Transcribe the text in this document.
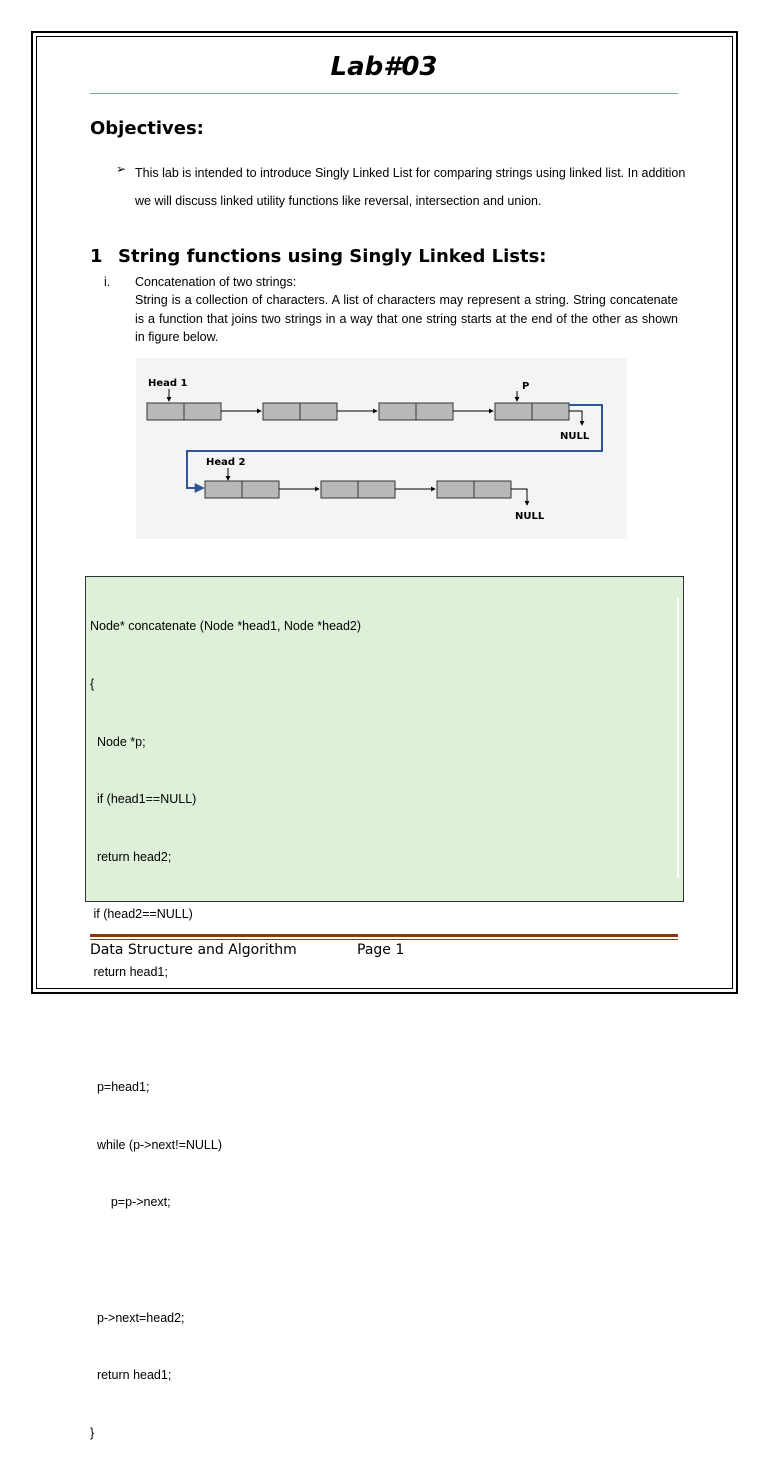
Lab#03
Objectives:
➢ This lab is intended to introduce Singly Linked List for comparing strings using linked list. In addition we will discuss linked utility functions like reversal, intersection and union.
1 String functions using Singly Linked Lists:
i. Concatenation of two strings:
String is a collection of characters. A list of characters may represent a string. String concatenate is a function that joins two strings in a way that one string starts at the end of the other as shown in figure below.
Head 1	P
Head 2
NULL
NULL

Node* concatenate (Node *head1, Node *head2)

{

Node *p;

if (head1==NULL)

return head2;

if (head2==NULL)

return head1;

p=head1;

while (p->next!=NULL)

p=p->next;

p->next=head2;

return head1;

}

Data Structure and Algorithm	Page 1
